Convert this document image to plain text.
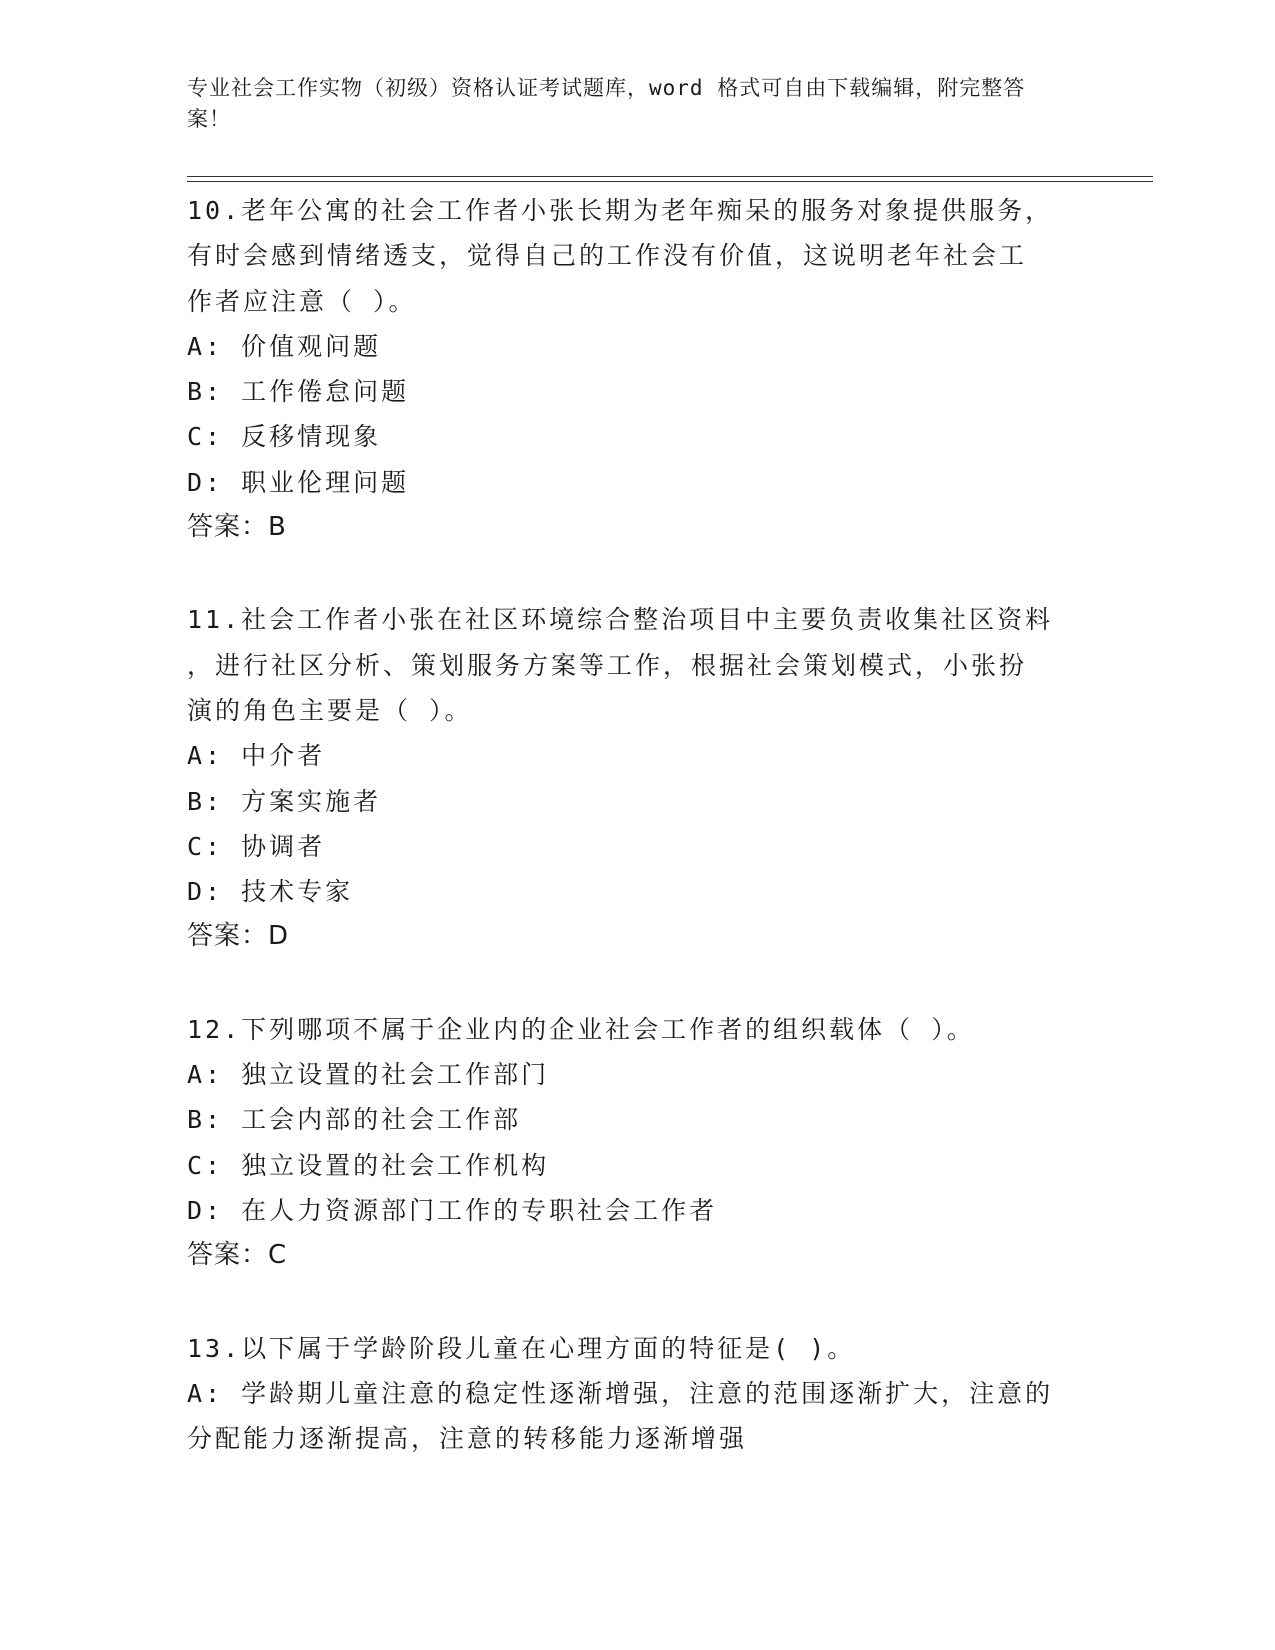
专业社会工作实物（初级）资格认证考试题库，word 格式可自由下载编辑，附完整答案！
10.老年公寓的社会工作者小张长期为老年痴呆的服务对象提供服务，
有时会感到情绪透支，觉得自己的工作没有价值，这说明老年社会工
作者应注意（ ）。
A: 价值观问题
B: 工作倦怠问题
C: 反移情现象
D: 职业伦理问题
答案：B
11.社会工作者小张在社区环境综合整治项目中主要负责收集社区资料
，进行社区分析、策划服务方案等工作，根据社会策划模式，小张扮
演的角色主要是（ ）。
A: 中介者
B: 方案实施者
C: 协调者
D: 技术专家
答案：D
12.下列哪项不属于企业内的企业社会工作者的组织载体（ ）。
A: 独立设置的社会工作部门
B: 工会内部的社会工作部
C: 独立设置的社会工作机构
D: 在人力资源部门工作的专职社会工作者
答案：C
13.以下属于学龄阶段儿童在心理方面的特征是( )。
A: 学龄期儿童注意的稳定性逐渐增强，注意的范围逐渐扩大，注意的
分配能力逐渐提高，注意的转移能力逐渐增强
